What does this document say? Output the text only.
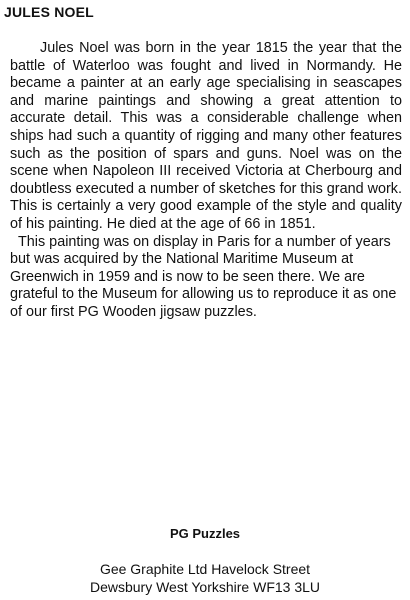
JULES NOEL

Jules Noel was born in the year 1815 the year that the battle of Waterloo was fought and lived in Normandy. He became a painter at an early age specialising in seascapes and marine paintings and showing a great attention to accurate detail. This was a considerable challenge when ships had such a quantity of rigging and many other features such as the position of spars and guns. Noel was on the scene when Napoleon III received Victoria at Cherbourg and doubtless executed a number of sketches for this grand work. This is certainly a very good example of the style and quality of his painting. He died at the age of 66 in 1851.

This painting was on display in Paris for a number of years but was acquired by the National Maritime Museum at Greenwich in 1959 and is now to be seen there. We are grateful to the Museum for allowing us to reproduce it as one of our first PG Wooden jigsaw puzzles.

PG Puzzles
Gee Graphite Ltd Havelock Street
Dewsbury West Yorkshire WF13 3LU
